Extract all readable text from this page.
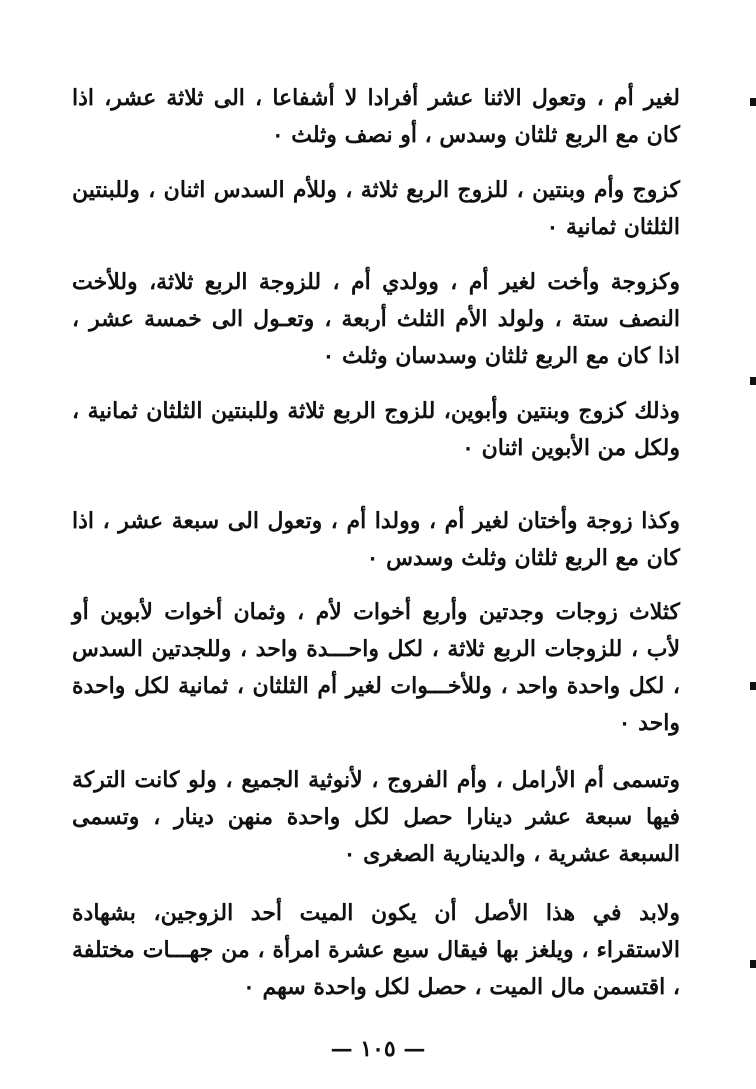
لغير أم ، وتعول الاثنا عشر أفرادا لا أشفاعا ، الى ثلاثة عشر، اذا كان مع الربع ثلثان وسدس ، أو نصف وثلث ۰
كزوج وأم وبنتين ، للزوج الربع ثلاثة ، وللأم السدس اثنان ، وللبنتين الثلثان ثمانية ۰
وكزوجة وأخت لغير أم ، وولدي أم ، للزوجة الربع ثلاثة، وللأخت النصف ستة ، ولولد الأم الثلث أربعة ، وتعـول الى خمسة عشر ، اذا كان مع الربع ثلثان وسدسان وثلث ۰
وذلك كزوج وبنتين وأبوين، للزوج الربع ثلاثة وللبنتين الثلثان ثمانية ، ولكل من الأبوين اثنان ۰
وكذا زوجة وأختان لغير أم ، وولدا أم ، وتعول الى سبعة عشر ، اذا كان مع الربع ثلثان وثلث وسدس ۰
كثلاث زوجات وجدتين وأربع أخوات لأم ، وثمان أخوات لأبوين أو لأب ، للزوجات الربع ثلاثة ، لكل واحـــدة واحد ، وللجدتين السدس ، لكل واحدة واحد ، وللأخـــوات لغير أم الثلثان ، ثمانية لكل واحدة واحد ۰
وتسمى أم الأرامل ، وأم الفروج ، لأنوثية الجميع ، ولو كانت التركة فيها سبعة عشر دينارا حصل لكل واحدة منهن دينار ، وتسمى السبعة عشرية ، والدينارية الصغرى ۰
ولابد في هذا الأصل أن يكون الميت أحد الزوجين، بشهادة الاستقراء ، ويلغز بها فيقال سبع عشرة امرأة ، من جهـــات مختلفة ، اقتسمن مال الميت ، حصل لكل واحدة سهم ۰
— ١٠٥ —
